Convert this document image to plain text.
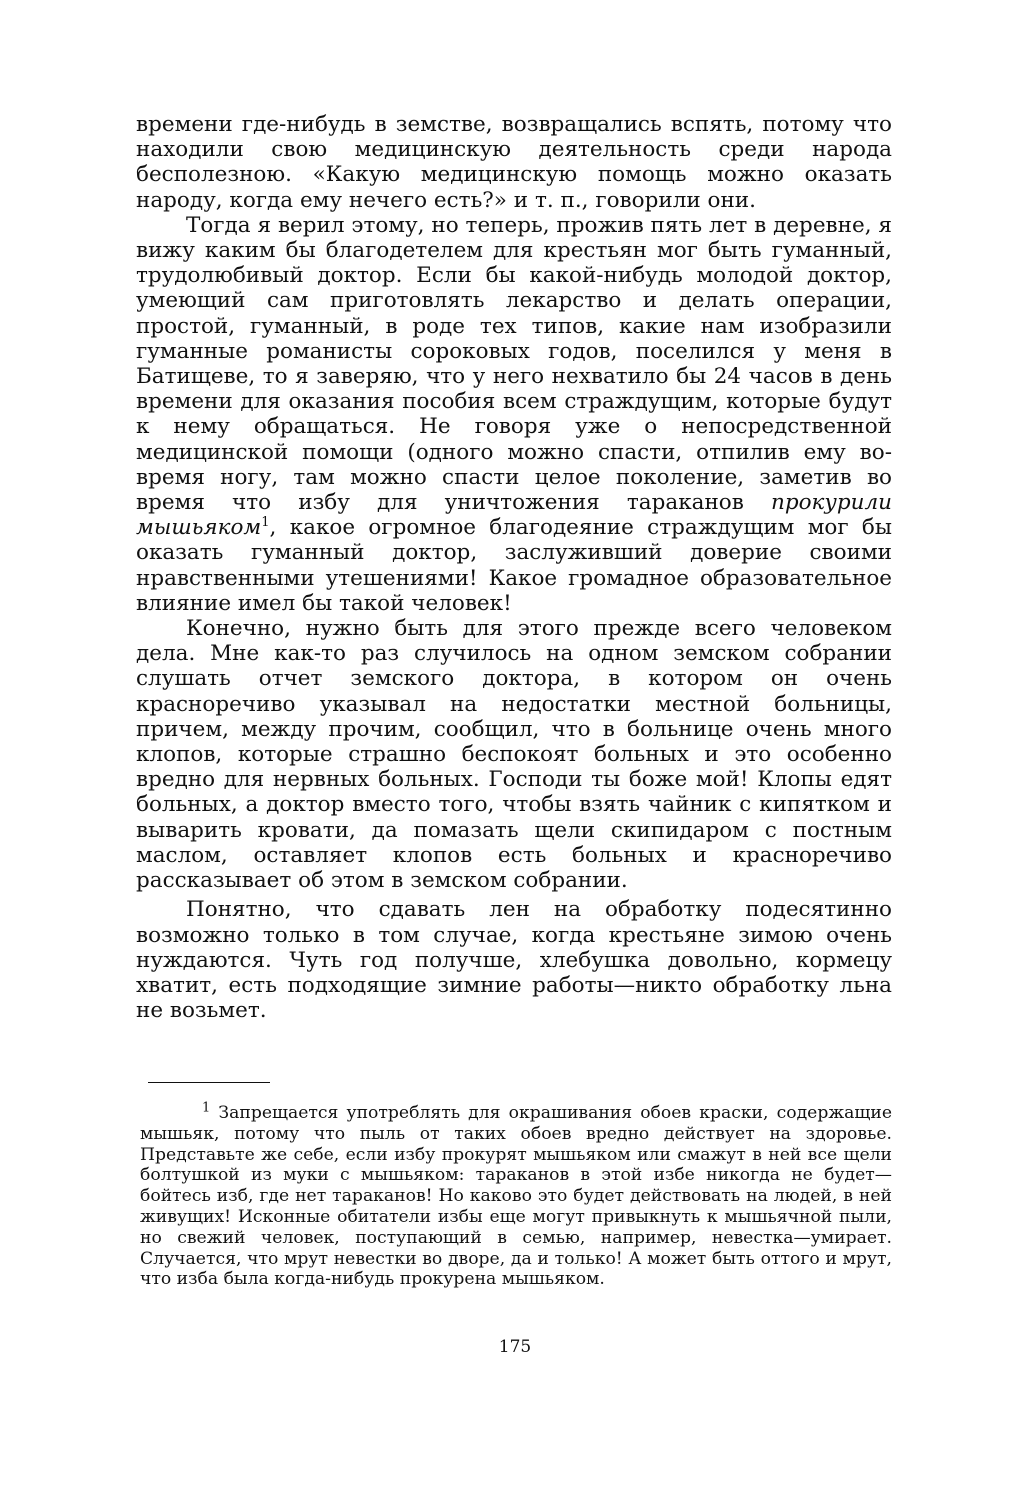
времени где-нибудь в земстве, возвращались вспять, потому что находили свою медицинскую деятельность среди народа бесполезною. «Какую медицинскую помощь можно оказать народу, когда ему нечего есть?» и т. п., говорили они.

Тогда я верил этому, но теперь, прожив пять лет в деревне, я вижу каким бы благодетелем для крестьян мог быть гуманный, трудолюбивый доктор. Если бы какой-нибудь молодой доктор, умеющий сам приготовлять лекарство и делать операции, простой, гуманный, в роде тех типов, какие нам изобразили гуманные романисты сороковых годов, поселился у меня в Батищеве, то я заверяю, что у него нехватило бы 24 часов в день времени для оказания пособия всем страждущим, которые будут к нему обращаться. Не говоря уже о непосредственной медицинской помощи (одного можно спасти, отпилив ему во-время ногу, там можно спасти целое поколение, заметив во время что избу для уничтожения тараканов прокурили мышьяком$^1$, какое огромное благодеяние страждущим мог бы оказать гуманный доктор, заслуживший доверие своими нравственными утешениями! Какое громадное образовательное влияние имел бы такой человек!

Конечно, нужно быть для этого прежде всего человеком дела. Мне как-то раз случилось на одном земском собрании слушать отчет земского доктора, в котором он очень красноречиво указывал на недостатки местной больницы, причем, между прочим, сообщил, что в больнице очень много клопов, которые страшно беспокоят больных и это особенно вредно для нервных больных. Господи ты боже мой! Клопы едят больных, а доктор вместо того, чтобы взять чайник с кипятком и выварить кровати, да помазать щели скипидаром с постным маслом, оставляет клопов есть больных и красноречиво рассказывает об этом в земском собрании.

Понятно, что сдавать лен на обработку подесятинно возможно только в том случае, когда крестьяне зимою очень нуждаются. Чуть год получше, хлебушка довольно, кормецу хватит, есть подходящие зимние работы—никто обработку льна не возьмет.

$^1$ Запрещается употреблять для окрашивания обоев краски, содержащие мышьяк, потому что пыль от таких обоев вредно действует на здоровье. Представьте же себе, если избу прокурят мышьяком или смажут в ней все щели болтушкой из муки с мышьяком: тараканов в этой избе никогда не будет—бойтесь изб, где нет тараканов! Но каково это будет действовать на людей, в ней живущих! Исконные обитатели избы еще могут привыкнуть к мышьячной пыли, но свежий человек, поступающий в семью, например, невестка—умирает. Случается, что мрут невестки во дворе, да и только! А может быть оттого и мрут, что изба была когда-нибудь прокурена мышьяком.

175
